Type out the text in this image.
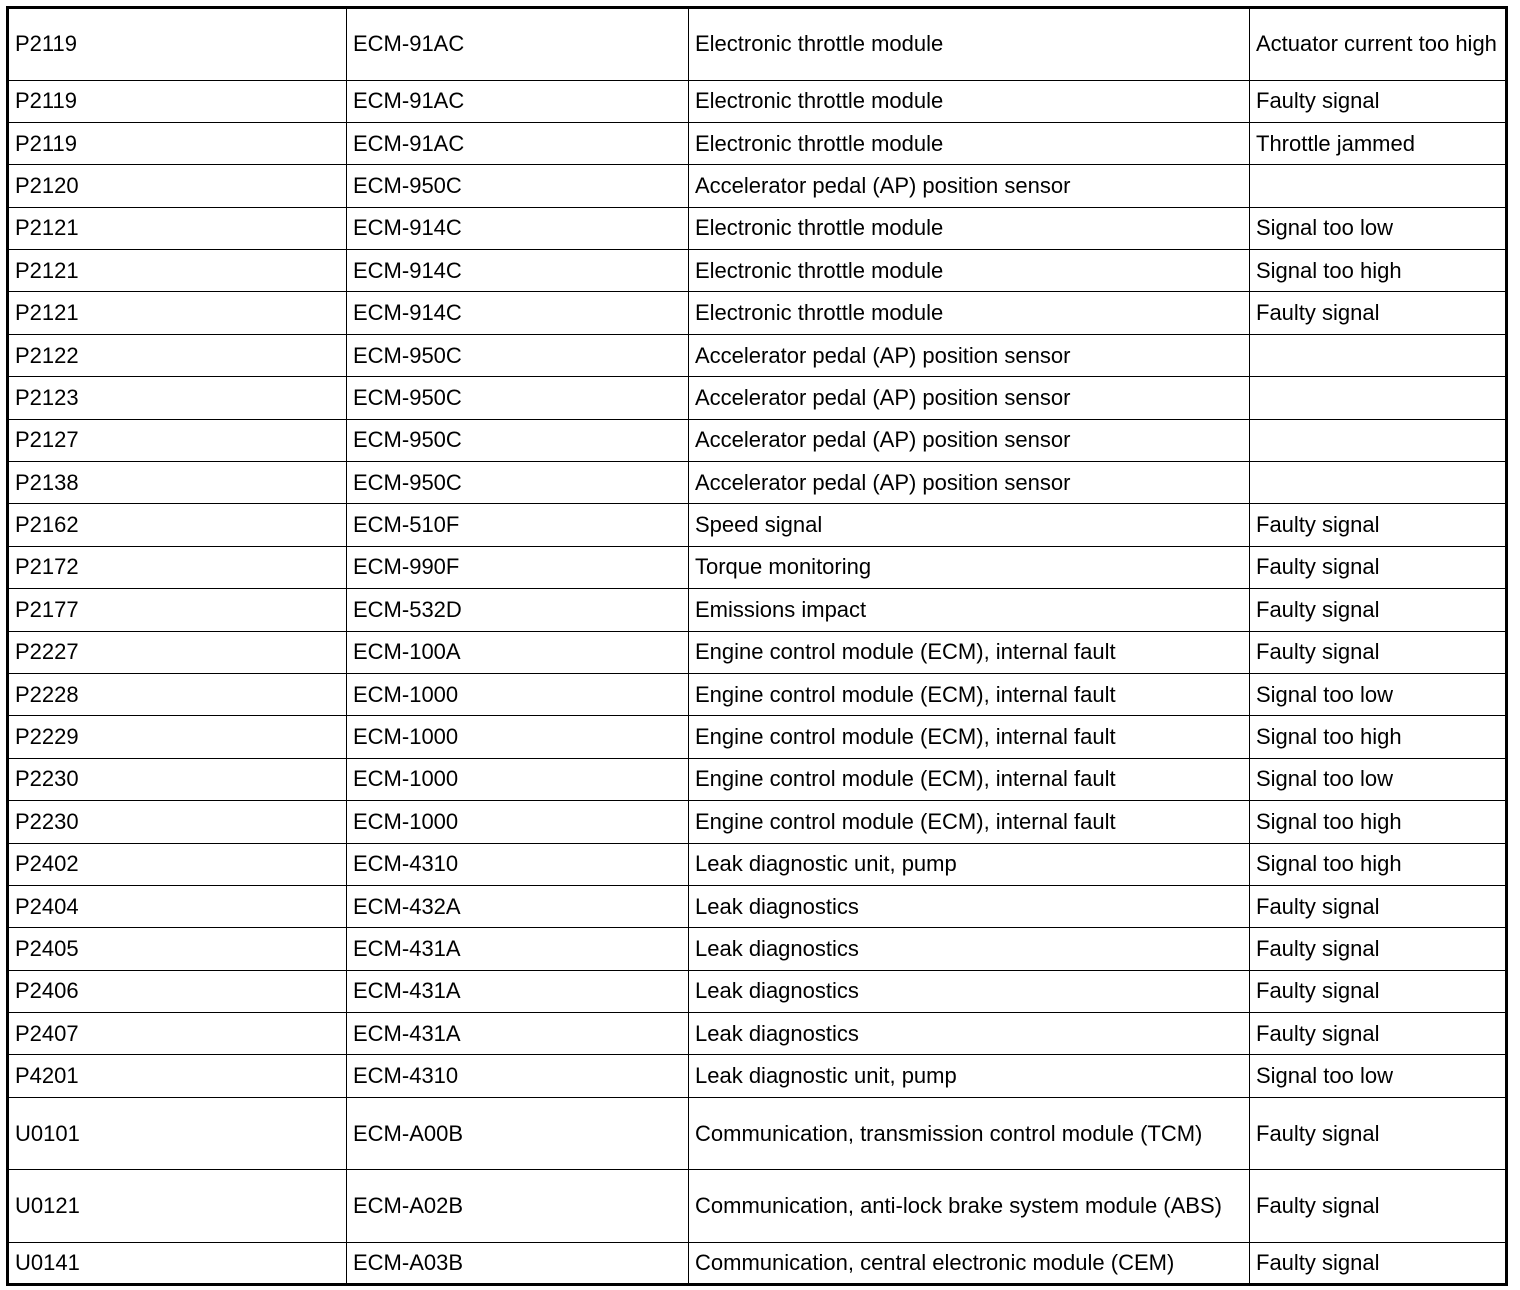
P2119	ECM-91AC	Electronic throttle module	Actuator current too high
P2119	ECM-91AC	Electronic throttle module	Faulty signal
P2119	ECM-91AC	Electronic throttle module	Throttle jammed
P2120	ECM-950C	Accelerator pedal (AP) position sensor	
P2121	ECM-914C	Electronic throttle module	Signal too low
P2121	ECM-914C	Electronic throttle module	Signal too high
P2121	ECM-914C	Electronic throttle module	Faulty signal
P2122	ECM-950C	Accelerator pedal (AP) position sensor	
P2123	ECM-950C	Accelerator pedal (AP) position sensor	
P2127	ECM-950C	Accelerator pedal (AP) position sensor	
P2138	ECM-950C	Accelerator pedal (AP) position sensor	
P2162	ECM-510F	Speed signal	Faulty signal
P2172	ECM-990F	Torque monitoring	Faulty signal
P2177	ECM-532D	Emissions impact	Faulty signal
P2227	ECM-100A	Engine control module (ECM), internal fault	Faulty signal
P2228	ECM-1000	Engine control module (ECM), internal fault	Signal too low
P2229	ECM-1000	Engine control module (ECM), internal fault	Signal too high
P2230	ECM-1000	Engine control module (ECM), internal fault	Signal too low
P2230	ECM-1000	Engine control module (ECM), internal fault	Signal too high
P2402	ECM-4310	Leak diagnostic unit, pump	Signal too high
P2404	ECM-432A	Leak diagnostics	Faulty signal
P2405	ECM-431A	Leak diagnostics	Faulty signal
P2406	ECM-431A	Leak diagnostics	Faulty signal
P2407	ECM-431A	Leak diagnostics	Faulty signal
P4201	ECM-4310	Leak diagnostic unit, pump	Signal too low
U0101	ECM-A00B	Communication, transmission control module (TCM)	Faulty signal
U0121	ECM-A02B	Communication, anti-lock brake system module (ABS)	Faulty signal
U0141	ECM-A03B	Communication, central electronic module (CEM)	Faulty signal
